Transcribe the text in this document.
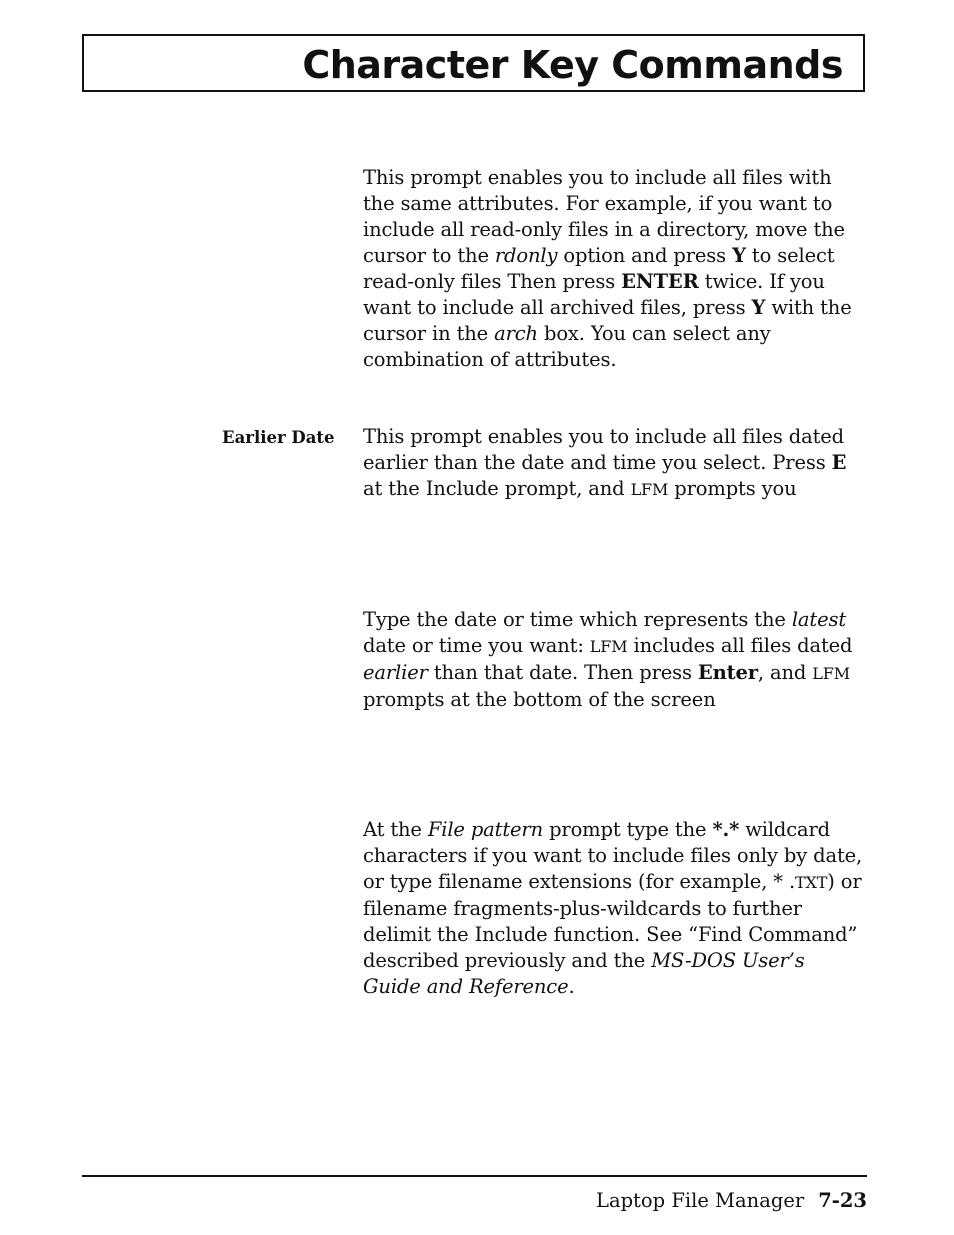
Character Key Commands

This prompt enables you to include all files with the same attributes. For example, if you want to include all read-only files in a directory, move the cursor to the rdonly option and press Y to select read-only files Then press ENTER twice. If you want to include all archived files, press Y with the cursor in the arch box. You can select any combination of attributes.

Earlier Date This prompt enables you to include all files dated earlier than the date and time you select. Press E at the Include prompt, and LFM prompts you

Type the date or time which represents the latest date or time you want: LFM includes all files dated earlier than that date. Then press Enter, and LFM prompts at the bottom of the screen

At the File pattern prompt type the *.* wildcard characters if you want to include files only by date, or type filename extensions (for example, * .TXT) or filename fragments-plus-wildcards to further delimit the Include function. See “Find Command” described previously and the MS-DOS User’s Guide and Reference.

Laptop File Manager 7-23
